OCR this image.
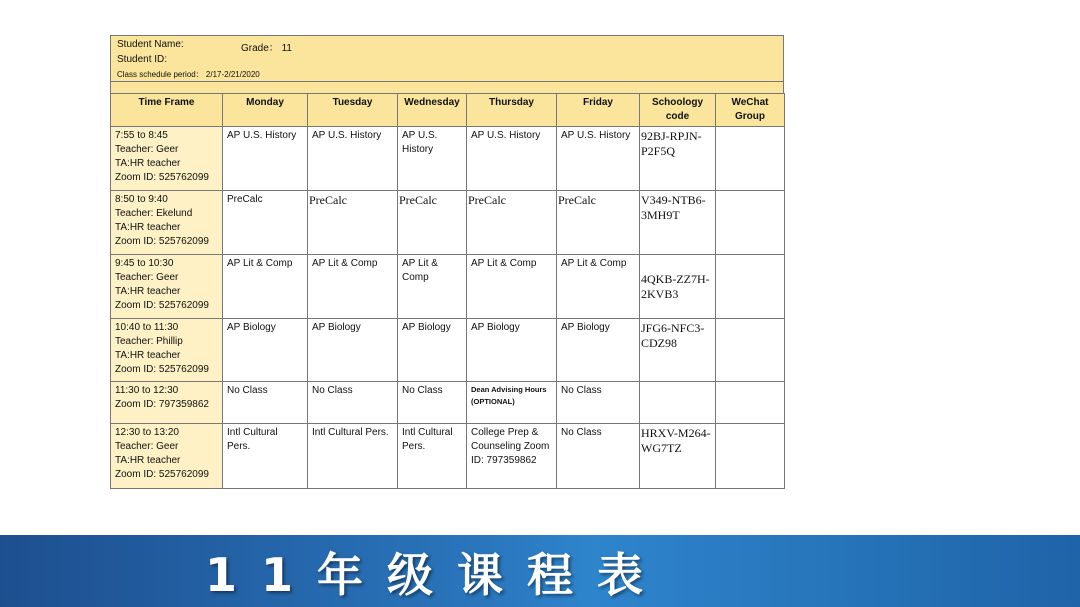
Student Name:	Grade： 11
Student ID:
Class schedule period： 2/17-2/21/2020
Time Frame	Monday	Tuesday	Wednesday	Thursday	Friday	Schoology code	WeChat Group

7:55 to 8:45
Teacher: Geer
TA:HR teacher
Zoom ID: 525762099	AP U.S. History	AP U.S. History	AP U.S. History	AP U.S. History	AP U.S. History	92BJ-RPJN-P2F5Q	

8:50 to 9:40
Teacher: Ekelund
TA:HR teacher
Zoom ID: 525762099	PreCalc	PreCalc	PreCalc	PreCalc	PreCalc	V349-NTB6-3MH9T	

9:45 to 10:30
Teacher: Geer
TA:HR teacher
Zoom ID: 525762099	AP Lit & Comp	AP Lit & Comp	AP Lit & Comp	AP Lit & Comp	AP Lit & Comp	4QKB-ZZ7H-2KVB3	

10:40 to 11:30
Teacher: Phillip
TA:HR teacher
Zoom ID: 525762099	AP Biology	AP Biology	AP Biology	AP Biology	AP Biology	JFG6-NFC3-CDZ98	

11:30 to 12:30
Zoom ID: 797359862	No Class	No Class	No Class	Dean Advising Hours (OPTIONAL)	No Class		

12:30 to 13:20
Teacher: Geer
TA:HR teacher
Zoom ID: 525762099	Intl Cultural Pers.	Intl Cultural Pers.	Intl Cultural Pers.	College Prep & Counseling Zoom ID: 797359862	No Class	HRXV-M264-WG7TZ	
11年级课程表
